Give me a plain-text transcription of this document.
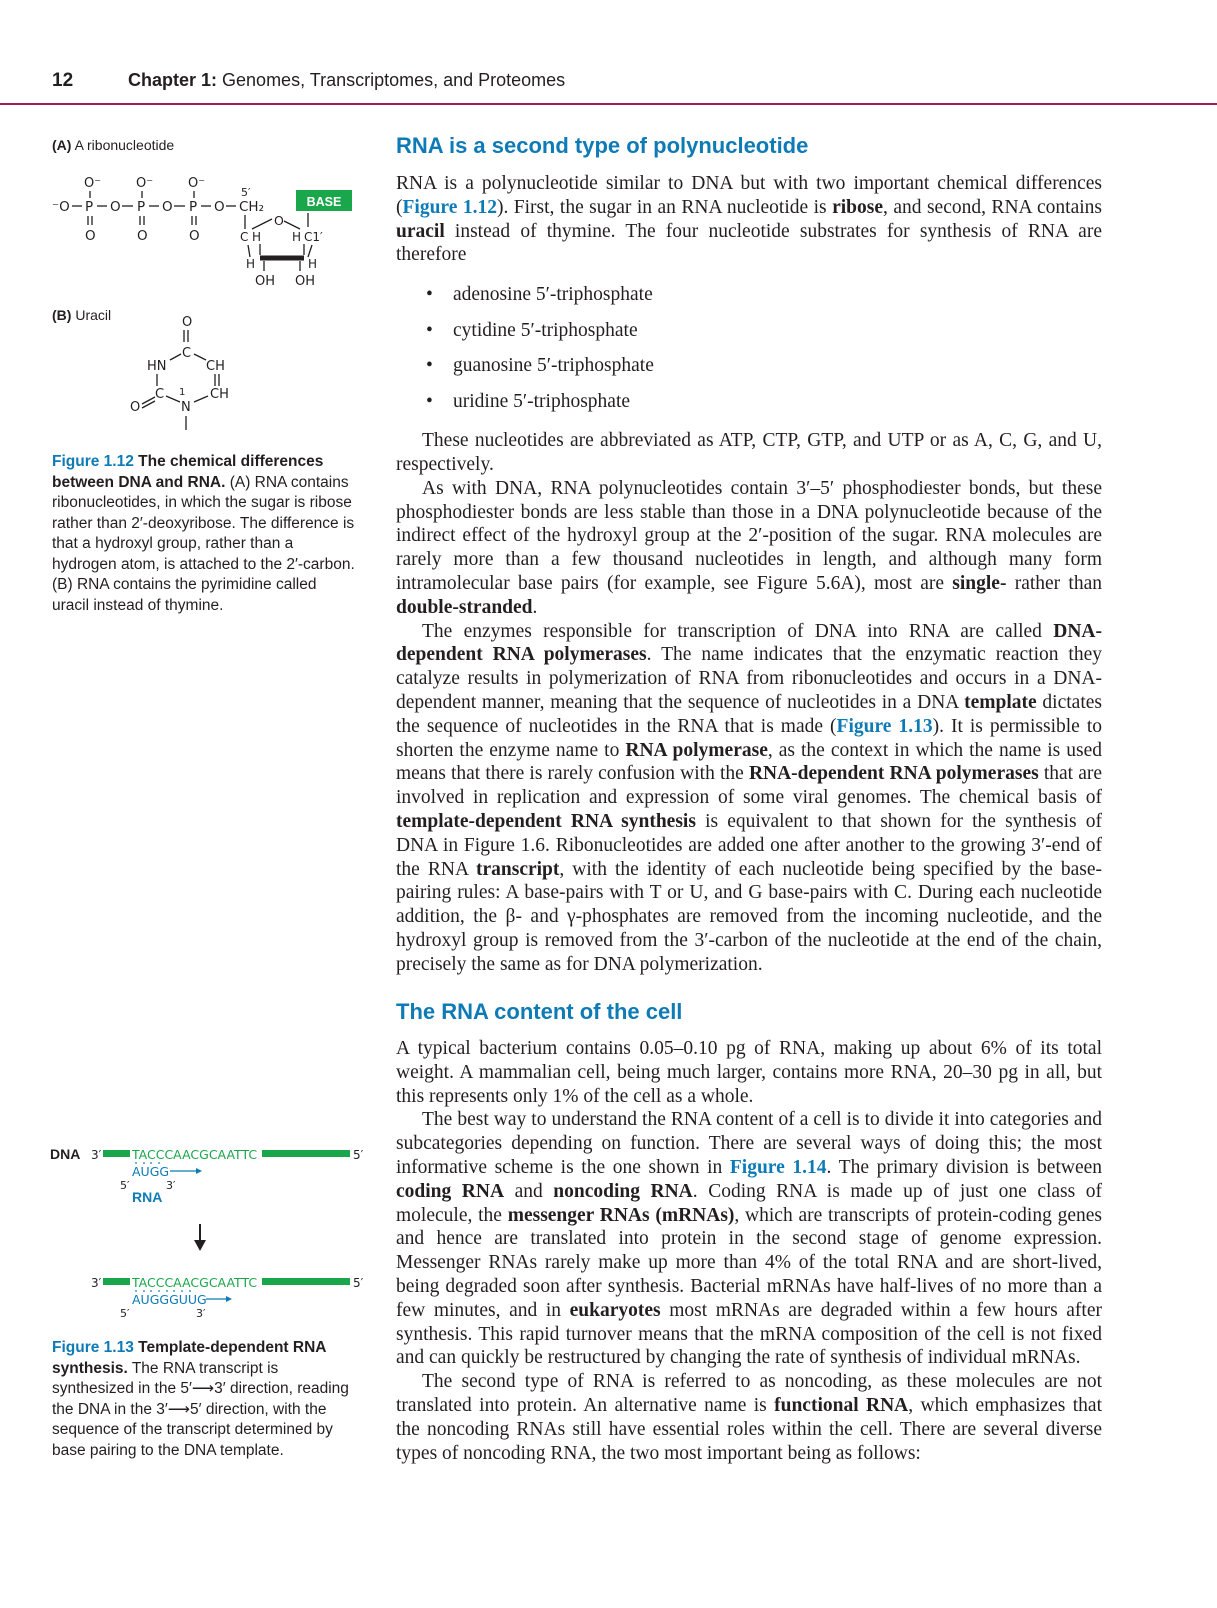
12	Chapter 1: Genomes, Transcriptomes, and Proteomes
(A) A ribonucleotide
O⁻	O⁻	O⁻
⁻O P O P O P O CH₂
O	O	O
5′
BASE
O
C H	H C1′
H	H
OH OH
(B) Uracil	O
C
HN	CH
C 1 CH
N
O
Figure 1.12 The chemical differences between DNA and RNA. (A) RNA contains ribonucleotides, in which the sugar is ribose rather than 2′-deoxyribose. The difference is that a hydroxyl group, rather than a hydrogen atom, is attached to the 2′-carbon. (B) RNA contains the pyrimidine called uracil instead of thymine.
DNA 3′ TACCCAACGCAATTC	5′
AUGG
5′	3′
RNA
3′ TACCCAACGCAATTC	5′
AUGGGUUG
5′	3′
Figure 1.13 Template-dependent RNA synthesis. The RNA transcript is synthesized in the 5′⟶3′ direction, reading the DNA in the 3′⟶5′ direction, with the sequence of the transcript determined by base pairing to the DNA template.
RNA is a second type of polynucleotide

RNA is a polynucleotide similar to DNA but with two important chemical differences (Figure 1.12). First, the sugar in an RNA nucleotide is ribose, and second, RNA contains uracil instead of thymine. The four nucleotide substrates for synthesis of RNA are therefore

• adenosine 5′-triphosphate
• cytidine 5′-triphosphate
• guanosine 5′-triphosphate
• uridine 5′-triphosphate

These nucleotides are abbreviated as ATP, CTP, GTP, and UTP or as A, C, G, and U, respectively.

As with DNA, RNA polynucleotides contain 3′–5′ phosphodiester bonds, but these phosphodiester bonds are less stable than those in a DNA polynucleotide because of the indirect effect of the hydroxyl group at the 2′-position of the sugar. RNA molecules are rarely more than a few thousand nucleotides in length, and although many form intramolecular base pairs (for example, see Figure 5.6A), most are single- rather than double-stranded.

The enzymes responsible for transcription of DNA into RNA are called DNA-dependent RNA polymerases. The name indicates that the enzymatic reaction they catalyze results in polymerization of RNA from ribonucleotides and occurs in a DNA-dependent manner, meaning that the sequence of nucleotides in a DNA template dictates the sequence of nucleotides in the RNA that is made (Figure 1.13). It is permissible to shorten the enzyme name to RNA polymerase, as the context in which the name is used means that there is rarely confusion with the RNA-dependent RNA polymerases that are involved in replication and expression of some viral genomes. The chemical basis of template-dependent RNA synthesis is equivalent to that shown for the synthesis of DNA in Figure 1.6. Ribonucleotides are added one after another to the growing 3′-end of the RNA transcript, with the identity of each nucleotide being specified by the base-pairing rules: A base-pairs with T or U, and G base-pairs with C. During each nucleotide addition, the β- and γ-phosphates are removed from the incoming nucleotide, and the hydroxyl group is removed from the 3′-carbon of the nucleotide at the end of the chain, precisely the same as for DNA polymerization.

The RNA content of the cell

A typical bacterium contains 0.05–0.10 pg of RNA, making up about 6% of its total weight. A mammalian cell, being much larger, contains more RNA, 20–30 pg in all, but this represents only 1% of the cell as a whole.

The best way to understand the RNA content of a cell is to divide it into categories and subcategories depending on function. There are several ways of doing this; the most informative scheme is the one shown in Figure 1.14. The primary division is between coding RNA and noncoding RNA. Coding RNA is made up of just one class of molecule, the messenger RNAs (mRNAs), which are transcripts of protein-coding genes and hence are translated into protein in the second stage of genome expression. Messenger RNAs rarely make up more than 4% of the total RNA and are short-lived, being degraded soon after synthesis. Bacterial mRNAs have half-lives of no more than a few minutes, and in eukaryotes most mRNAs are degraded within a few hours after synthesis. This rapid turnover means that the mRNA composition of the cell is not fixed and can quickly be restructured by changing the rate of synthesis of individual mRNAs.

The second type of RNA is referred to as noncoding, as these molecules are not translated into protein. An alternative name is functional RNA, which emphasizes that the noncoding RNAs still have essential roles within the cell. There are several diverse types of noncoding RNA, the two most important being as follows:
